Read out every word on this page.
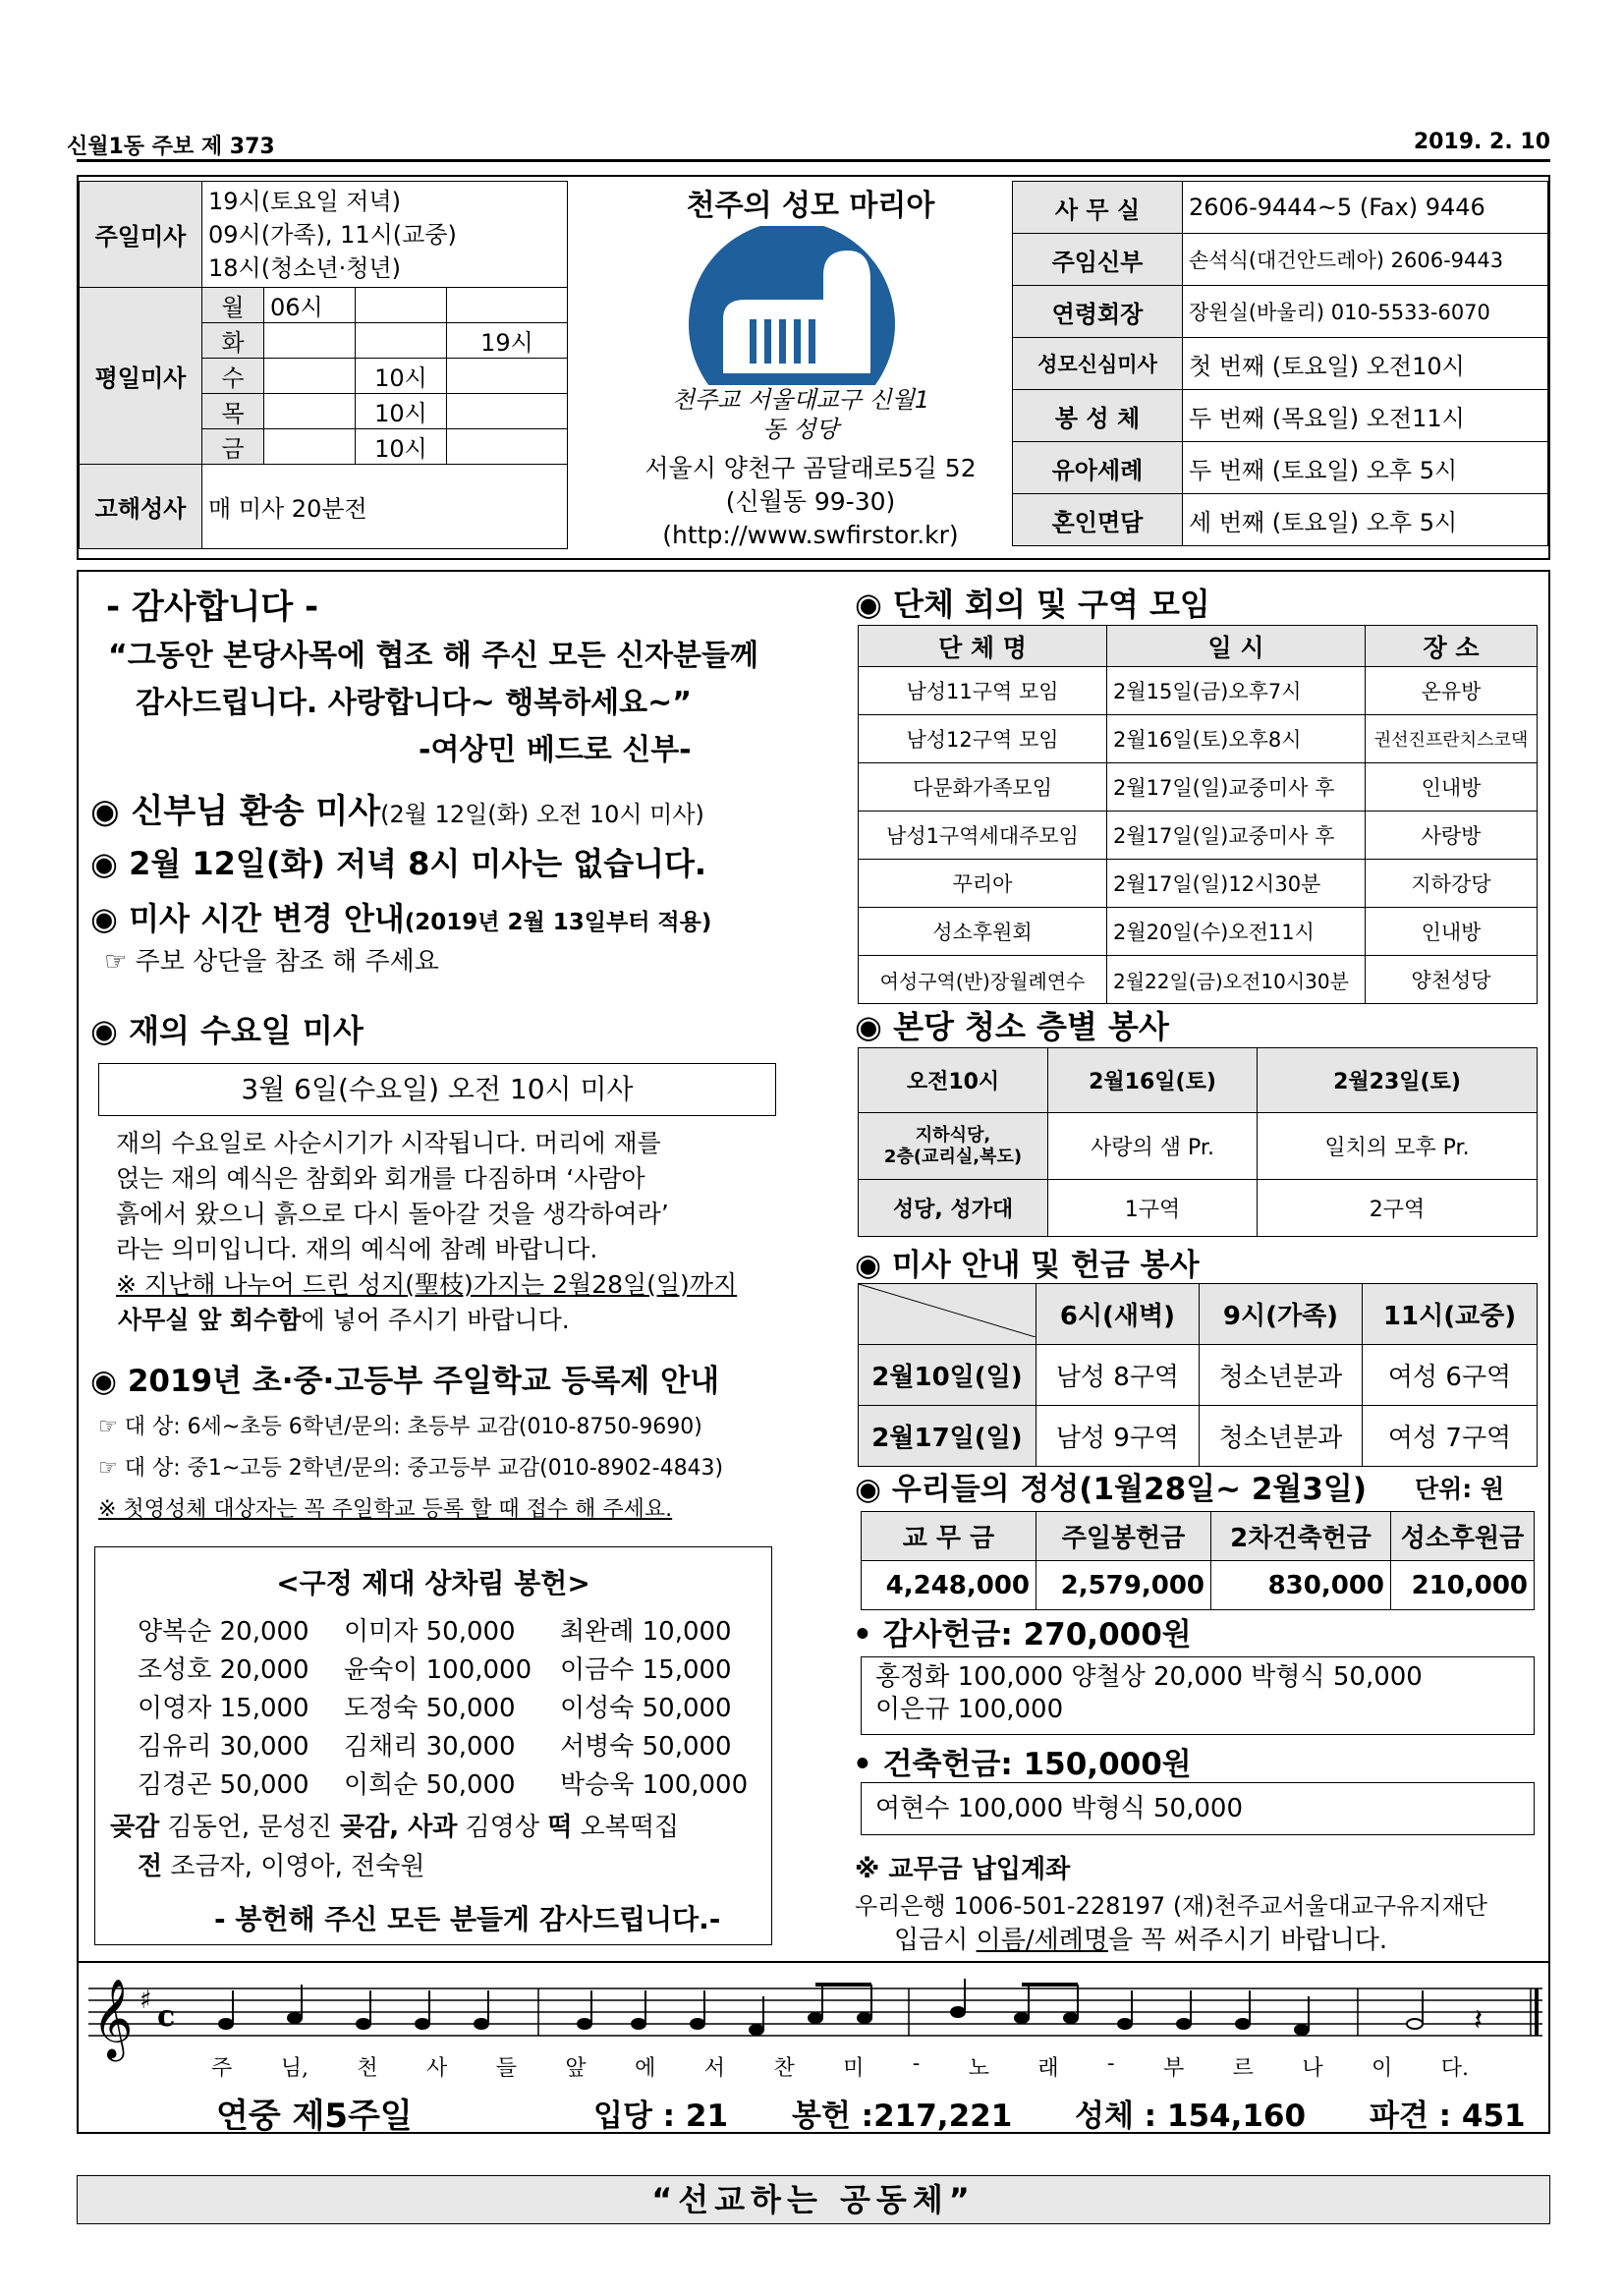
신월1동 주보 제 373	2019. 2. 10
주일미사	19시(토요일 저녁)
09시(가족), 11시(교중)
18시(청소년·청년)			

평일미사	월	06시		
	화			19시
	수		10시	
	목		10시	
	금		10시	
고해성사	매 미사 20분전			
천주의 성모 마리아
천주교 서울대교구 신월1동 성당
서울시 양천구 곰달래로5길 52
(신월동 99-30)
(http://www.swfirstor.kr)
사 무 실	2606-9444~5 (Fax) 9446
주임신부	손석식(대건안드레아) 2606-9443
연령회장	장원실(바울리) 010-5533-6070
성모신심미사	첫 번째 (토요일) 오전10시
봉 성 체	두 번째 (목요일) 오전11시
유아세례	두 번째 (토요일) 오후 5시
혼인면담	세 번째 (토요일) 오후 5시
- 감사합니다 -
“그동안 본당사목에 협조 해 주신 모든 신자분들께
감사드립니다. 사랑합니다~ 행복하세요~”
-여상민 베드로 신부-
◉ 신부님 환송 미사(2월 12일(화) 오전 10시 미사)
◉ 2월 12일(화) 저녁 8시 미사는 없습니다.
◉ 미사 시간 변경 안내(2019년 2월 13일부터 적용)
☞ 주보 상단을 참조 해 주세요
◉ 재의 수요일 미사
3월 6일(수요일) 오전 10시 미사
재의 수요일로 사순시기가 시작됩니다. 머리에 재를
얹는 재의 예식은 참회와 회개를 다짐하며 ‘사람아
흙에서 왔으니 흙으로 다시 돌아갈 것을 생각하여라’
라는 의미입니다. 재의 예식에 참례 바랍니다.
※ 지난해 나누어 드린 성지(聖枝)가지는 2월28일(일)까지
사무실 앞 회수함에 넣어 주시기 바랍니다.
◉ 2019년 초·중·고등부 주일학교 등록제 안내
☞ 대 상: 6세~초등 6학년/문의: 초등부 교감(010-8750-9690)
☞ 대 상: 중1~고등 2학년/문의: 중고등부 교감(010-8902-4843)
※ 첫영성체 대상자는 꼭 주일학교 등록 할 때 접수 해 주세요.
<구정 제대 상차림 봉헌>
양복순 20,000	이미자 50,000	최완례 10,000
조성호 20,000	윤숙이 100,000	이금수 15,000
이영자 15,000	도정숙 50,000	이성숙 50,000
김유리 30,000	김채리 30,000	서병숙 50,000
김경곤 50,000	이희순 50,000	박승욱 100,000
곶감 김동언, 문성진 곶감, 사과 김영상 떡 오복떡집
전 조금자, 이영아, 전숙원
- 봉헌해 주신 모든 분들게 감사드립니다.-
◉ 단체 회의 및 구역 모임
단 체 명	일 시	장 소
남성11구역 모임	2월15일(금)오후7시	온유방
남성12구역 모임	2월16일(토)오후8시	권선진프란치스코댁
다문화가족모임	2월17일(일)교중미사 후	인내방
남성1구역세대주모임	2월17일(일)교중미사 후	사랑방
꾸리아	2월17일(일)12시30분	지하강당
성소후원회	2월20일(수)오전11시	인내방
여성구역(반)장월례연수	2월22일(금)오전10시30분	양천성당
◉ 본당 청소 층별 봉사
오전10시	2월16일(토)	2월23일(토)
지하식당,
2층(교리실,복도)	사랑의 샘 Pr.	일치의 모후 Pr.
성당, 성가대	1구역	2구역
◉ 미사 안내 및 헌금 봉사
	6시(새벽)	9시(가족)	11시(교중)
2월10일(일)	남성 8구역	청소년분과	여성 6구역
2월17일(일)	남성 9구역	청소년분과	여성 7구역
◉ 우리들의 정성(1월28일~ 2월3일) 단위: 원
교 무 금	주일봉헌금	2차건축헌금	성소후원금
4,248,000	2,579,000	830,000	210,000
• 감사헌금: 270,000원
홍정화 100,000 양철상 20,000 박형식 50,000
이은규 100,000
• 건축헌금: 150,000원
여현수 100,000 박형식 50,000
※ 교무금 납입계좌
우리은행 1006-501-228197 (재)천주교서울대교구유지재단
입금시 이름/세례명을 꼭 써주시기 바랍니다.
𝄞 ♯ c	𝄽
주 님, 천 사 들 앞 에 서 찬 미 - 노 래 - 부 르 나 이 다.
연중 제5주일	입당 : 21 봉헌 :217,221 성체 : 154,160 파견 : 451
“선교하는 공동체”
